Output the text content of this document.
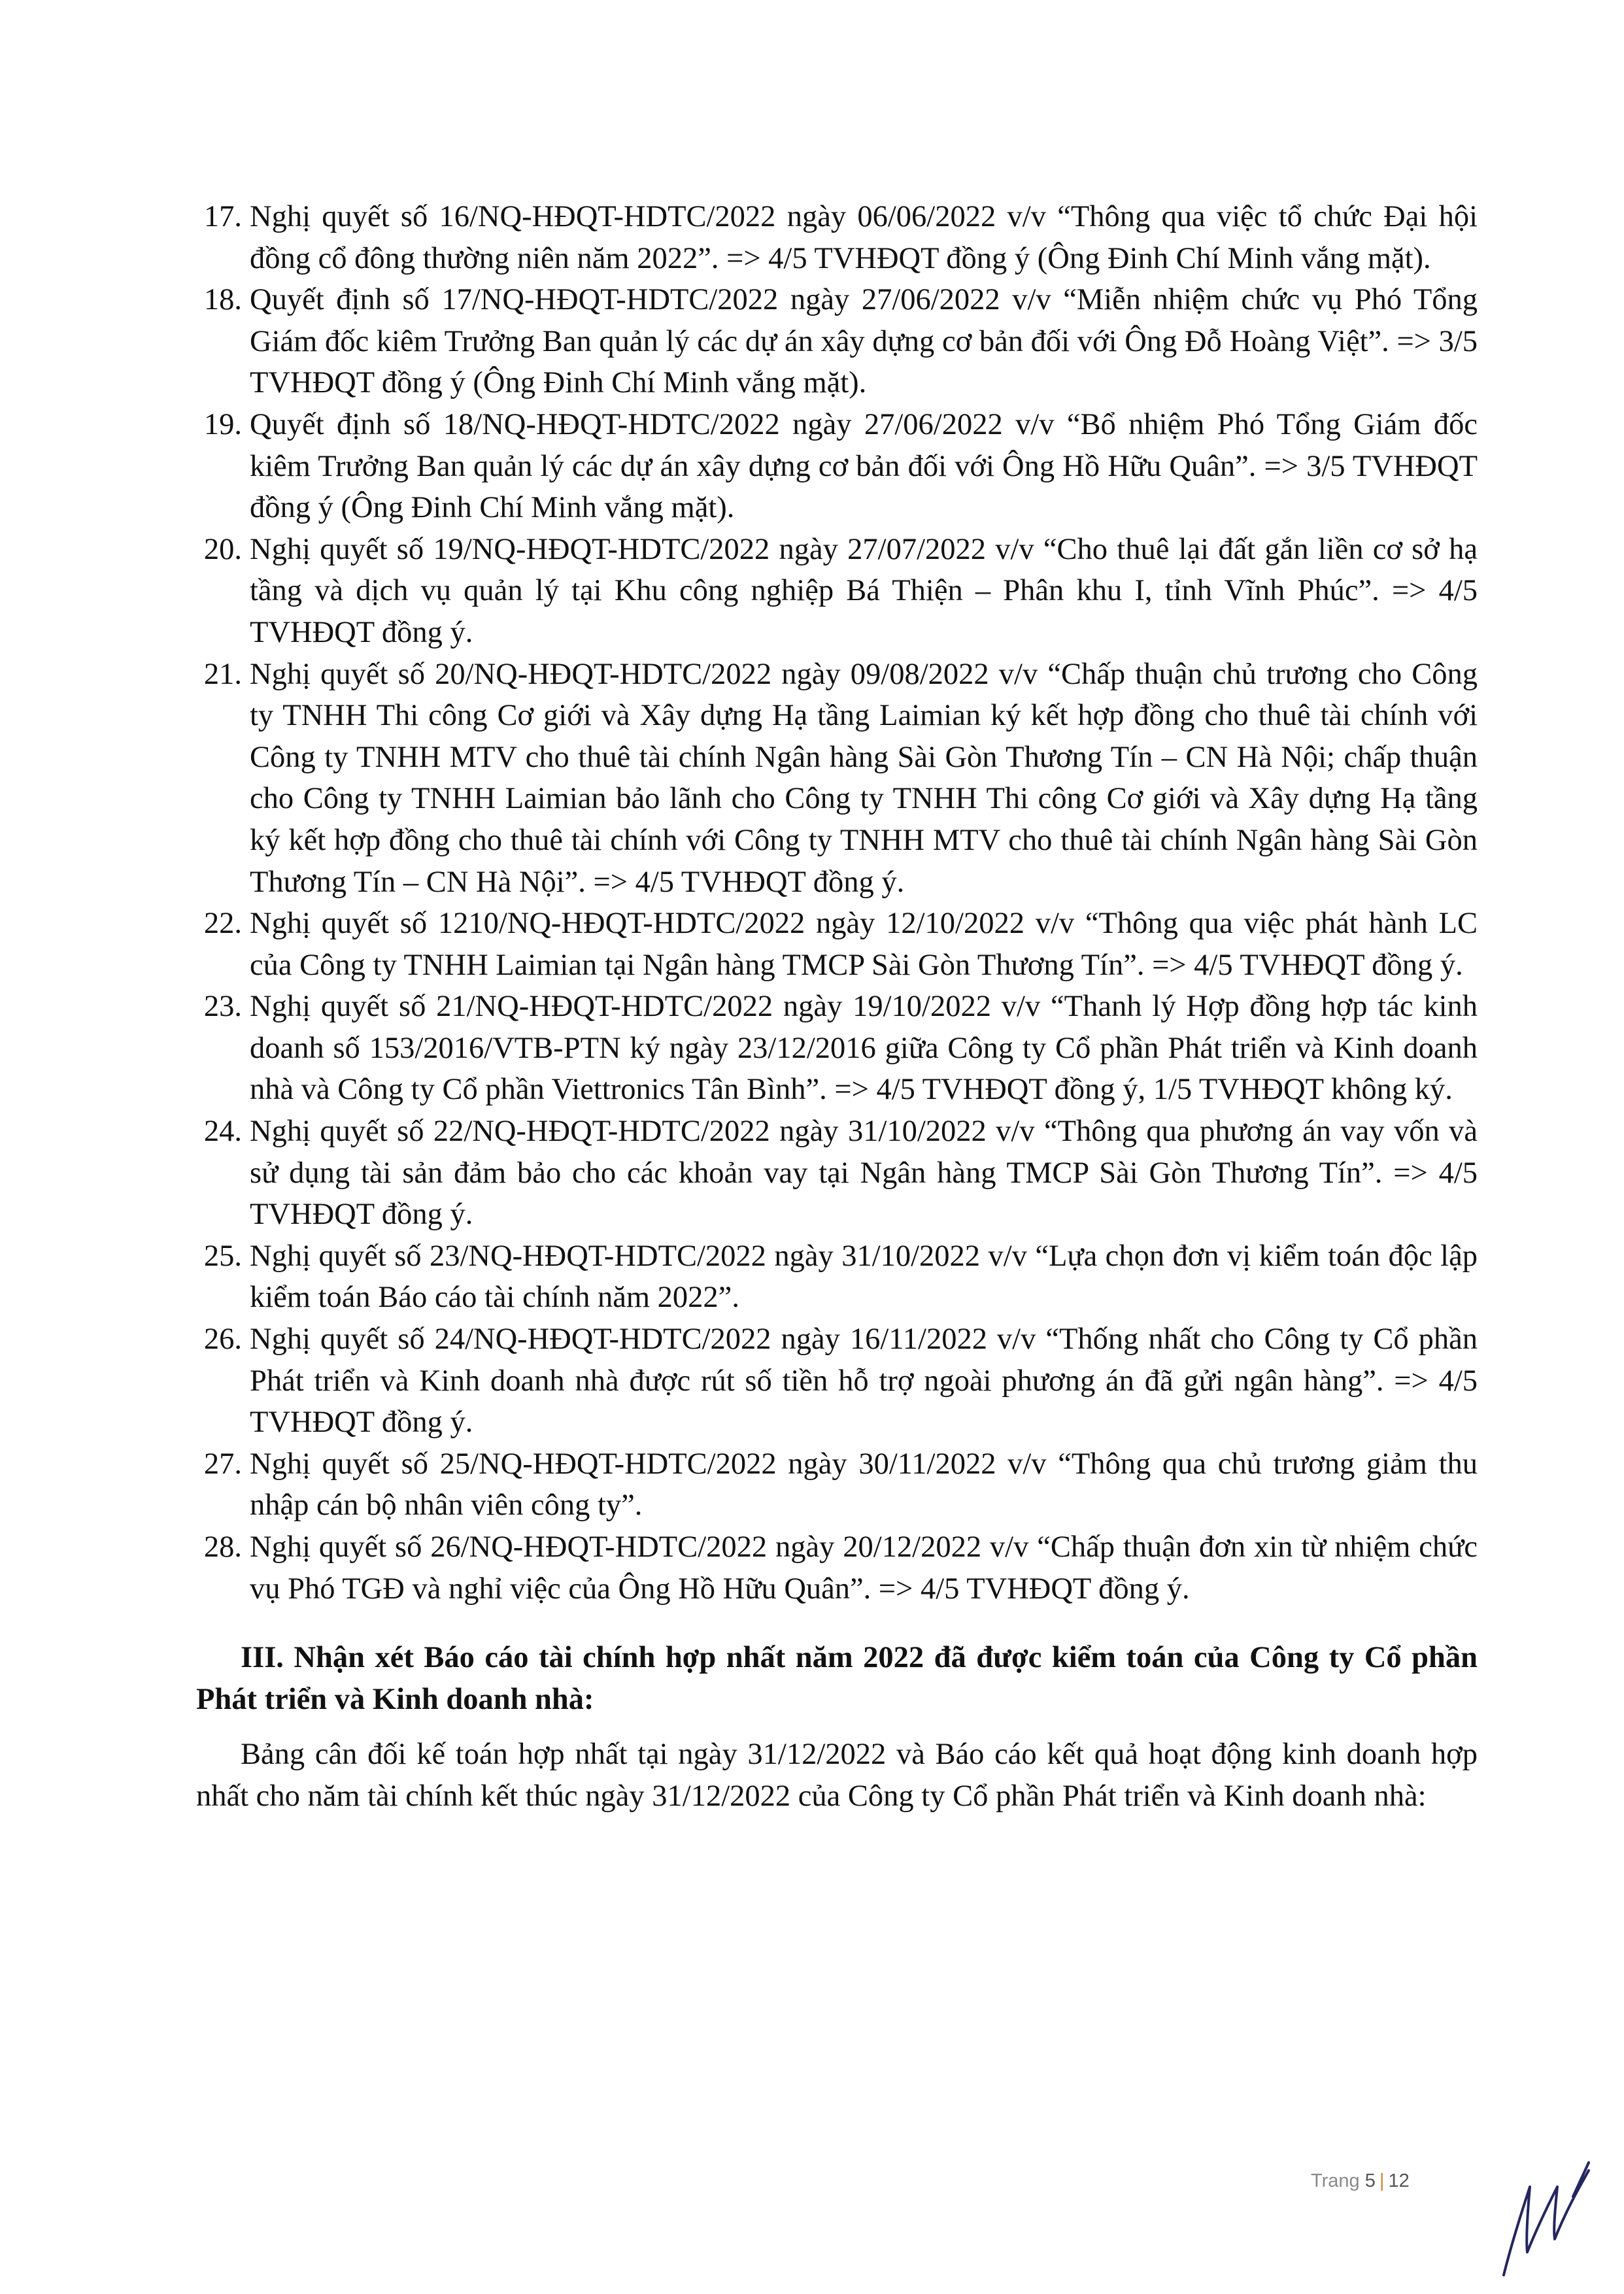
17. Nghị quyết số 16/NQ-HĐQT-HDTC/2022 ngày 06/06/2022 v/v “Thông qua việc tổ chức Đại hội đồng cổ đông thường niên năm 2022”. => 4/5 TVHĐQT đồng ý (Ông Đinh Chí Minh vắng mặt).
18. Quyết định số 17/NQ-HĐQT-HDTC/2022 ngày 27/06/2022 v/v “Miễn nhiệm chức vụ Phó Tổng Giám đốc kiêm Trưởng Ban quản lý các dự án xây dựng cơ bản đối với Ông Đỗ Hoàng Việt”. => 3/5 TVHĐQT đồng ý (Ông Đinh Chí Minh vắng mặt).
19. Quyết định số 18/NQ-HĐQT-HDTC/2022 ngày 27/06/2022 v/v “Bổ nhiệm Phó Tổng Giám đốc kiêm Trưởng Ban quản lý các dự án xây dựng cơ bản đối với Ông Hồ Hữu Quân”. => 3/5 TVHĐQT đồng ý (Ông Đinh Chí Minh vắng mặt).
20. Nghị quyết số 19/NQ-HĐQT-HDTC/2022 ngày 27/07/2022 v/v “Cho thuê lại đất gắn liền cơ sở hạ tầng và dịch vụ quản lý tại Khu công nghiệp Bá Thiện – Phân khu I, tỉnh Vĩnh Phúc”. => 4/5 TVHĐQT đồng ý.
21. Nghị quyết số 20/NQ-HĐQT-HDTC/2022 ngày 09/08/2022 v/v “Chấp thuận chủ trương cho Công ty TNHH Thi công Cơ giới và Xây dựng Hạ tầng Laimian ký kết hợp đồng cho thuê tài chính với Công ty TNHH MTV cho thuê tài chính Ngân hàng Sài Gòn Thương Tín – CN Hà Nội; chấp thuận cho Công ty TNHH Laimian bảo lãnh cho Công ty TNHH Thi công Cơ giới và Xây dựng Hạ tầng ký kết hợp đồng cho thuê tài chính với Công ty TNHH MTV cho thuê tài chính Ngân hàng Sài Gòn Thương Tín – CN Hà Nội”. => 4/5 TVHĐQT đồng ý.
22. Nghị quyết số 1210/NQ-HĐQT-HDTC/2022 ngày 12/10/2022 v/v “Thông qua việc phát hành LC của Công ty TNHH Laimian tại Ngân hàng TMCP Sài Gòn Thương Tín”. => 4/5 TVHĐQT đồng ý.
23. Nghị quyết số 21/NQ-HĐQT-HDTC/2022 ngày 19/10/2022 v/v “Thanh lý Hợp đồng hợp tác kinh doanh số 153/2016/VTB-PTN ký ngày 23/12/2016 giữa Công ty Cổ phần Phát triển và Kinh doanh nhà và Công ty Cổ phần Viettronics Tân Bình”. => 4/5 TVHĐQT đồng ý, 1/5 TVHĐQT không ký.
24. Nghị quyết số 22/NQ-HĐQT-HDTC/2022 ngày 31/10/2022 v/v “Thông qua phương án vay vốn và sử dụng tài sản đảm bảo cho các khoản vay tại Ngân hàng TMCP Sài Gòn Thương Tín”. => 4/5 TVHĐQT đồng ý.
25. Nghị quyết số 23/NQ-HĐQT-HDTC/2022 ngày 31/10/2022 v/v “Lựa chọn đơn vị kiểm toán độc lập kiểm toán Báo cáo tài chính năm 2022”.
26. Nghị quyết số 24/NQ-HĐQT-HDTC/2022 ngày 16/11/2022 v/v “Thống nhất cho Công ty Cổ phần Phát triển và Kinh doanh nhà được rút số tiền hỗ trợ ngoài phương án đã gửi ngân hàng”. => 4/5 TVHĐQT đồng ý.
27. Nghị quyết số 25/NQ-HĐQT-HDTC/2022 ngày 30/11/2022 v/v “Thông qua chủ trương giảm thu nhập cán bộ nhân viên công ty”.
28. Nghị quyết số 26/NQ-HĐQT-HDTC/2022 ngày 20/12/2022 v/v “Chấp thuận đơn xin từ nhiệm chức vụ Phó TGĐ và nghỉ việc của Ông Hồ Hữu Quân”. => 4/5 TVHĐQT đồng ý.
III. Nhận xét Báo cáo tài chính hợp nhất năm 2022 đã được kiểm toán của Công ty Cổ phần Phát triển và Kinh doanh nhà:
Bảng cân đối kế toán hợp nhất tại ngày 31/12/2022 và Báo cáo kết quả hoạt động kinh doanh hợp nhất cho năm tài chính kết thúc ngày 31/12/2022 của Công ty Cổ phần Phát triển và Kinh doanh nhà:
Trang 5 | 12
